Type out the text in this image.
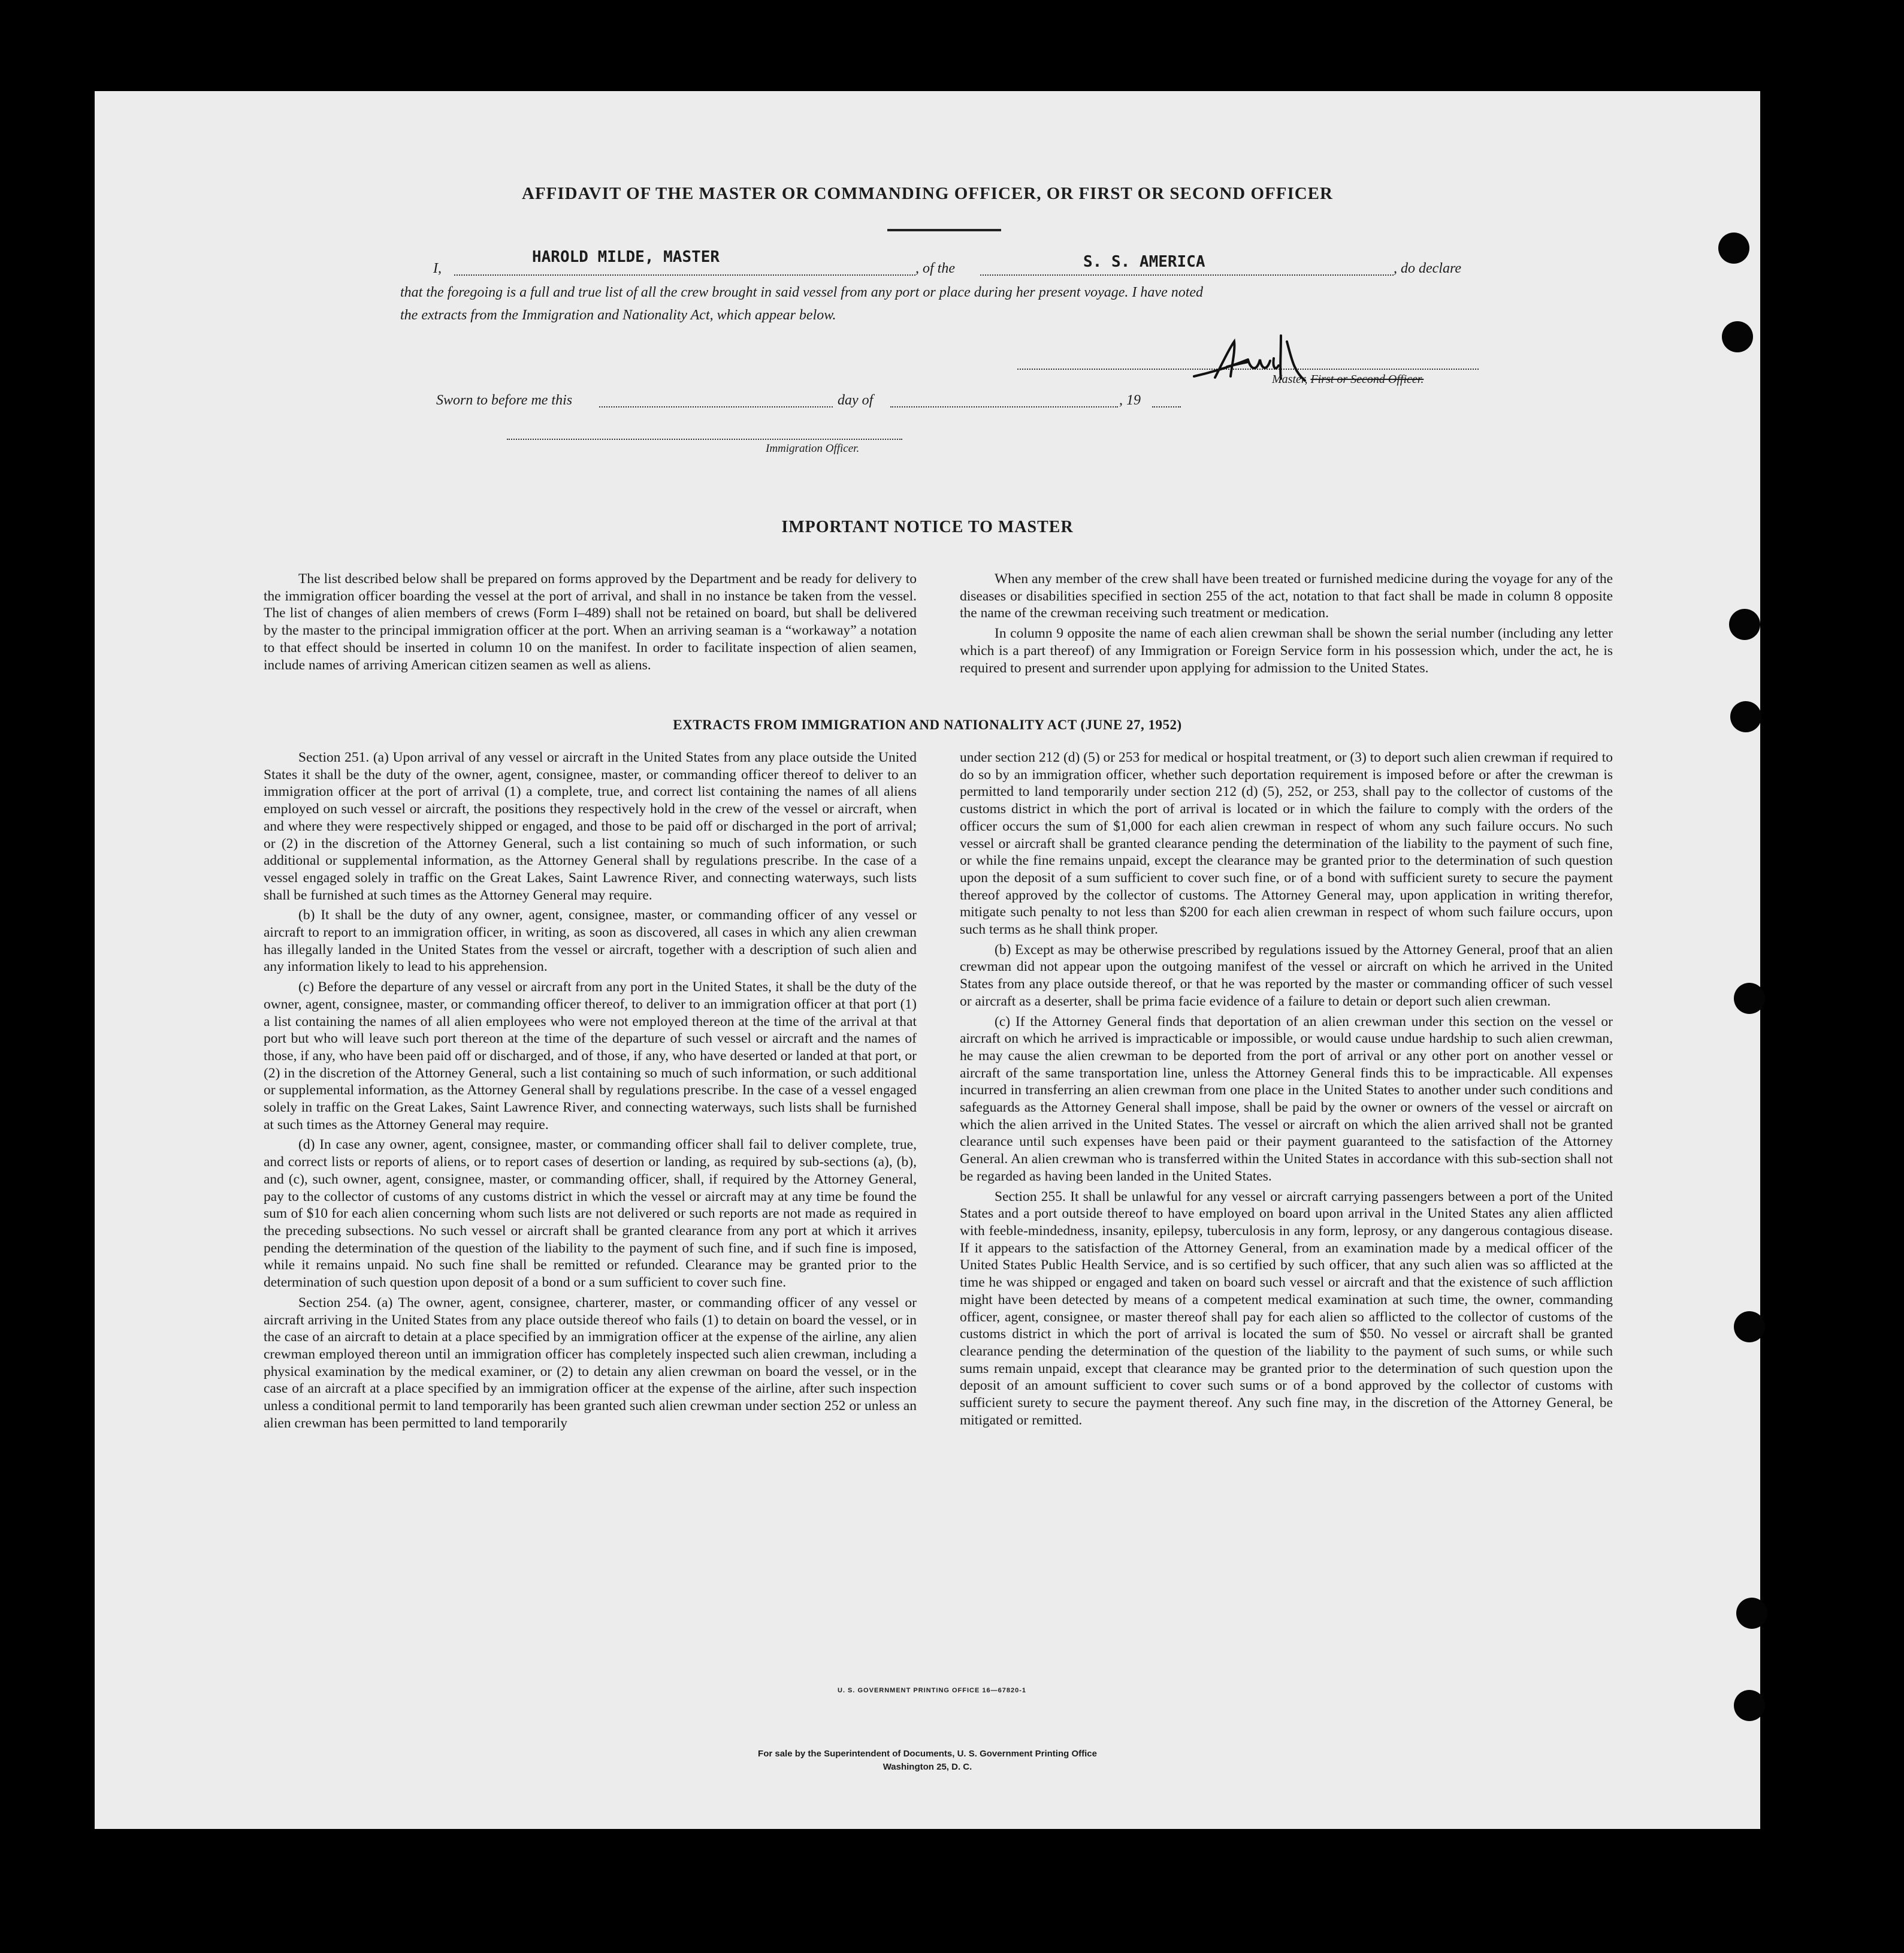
AFFIDAVIT OF THE MASTER OR COMMANDING OFFICER, OR FIRST OR SECOND OFFICER
I,
HAROLD MILDE, MASTER
, of the	S. S. AMERICA	, do declare
that the foregoing is a full and true list of all the crew brought in said vessel from any port or place during her present voyage. I have noted
the extracts from the Immigration and Nationality Act, which appear below.
Master, First or Second Officer.
Sworn to before me this	day of	, 19
Immigration Officer.
IMPORTANT NOTICE TO MASTER

The list described below shall be prepared on forms approved by the Department and be ready for delivery to the immigration officer boarding the vessel at the port of arrival, and shall in no instance be taken from the vessel. The list of changes of alien members of crews (Form I–489) shall not be retained on board, but shall be delivered by the master to the principal immigration officer at the port. When an arriving seaman is a “workaway” a notation to that effect should be inserted in column 10 on the manifest. In order to facilitate inspection of alien seamen, include names of arriving American citizen seamen as well as aliens.

When any member of the crew shall have been treated or furnished medicine during the voyage for any of the diseases or disabilities specified in section 255 of the act, notation to that fact shall be made in column 8 opposite the name of the crewman receiving such treatment or medication.

In column 9 opposite the name of each alien crewman shall be shown the serial number (including any letter which is a part thereof) of any Immigration or Foreign Service form in his possession which, under the act, he is required to present and surrender upon applying for admission to the United States.

EXTRACTS FROM IMMIGRATION AND NATIONALITY ACT (JUNE 27, 1952)

Section 251. (a) Upon arrival of any vessel or aircraft in the United States from any place outside the United States it shall be the duty of the owner, agent, consignee, master, or commanding officer thereof to deliver to an immigration officer at the port of arrival (1) a complete, true, and correct list containing the names of all aliens employed on such vessel or aircraft, the positions they respectively hold in the crew of the vessel or aircraft, when and where they were respectively shipped or engaged, and those to be paid off or discharged in the port of arrival; or (2) in the discretion of the Attorney General, such a list containing so much of such information, or such additional or supplemental information, as the Attorney General shall by regulations prescribe. In the case of a vessel engaged solely in traffic on the Great Lakes, Saint Lawrence River, and connecting waterways, such lists shall be furnished at such times as the Attorney General may require.

(b) It shall be the duty of any owner, agent, consignee, master, or commanding officer of any vessel or aircraft to report to an immigration officer, in writing, as soon as discovered, all cases in which any alien crewman has illegally landed in the United States from the vessel or aircraft, together with a description of such alien and any information likely to lead to his apprehension.

(c) Before the departure of any vessel or aircraft from any port in the United States, it shall be the duty of the owner, agent, consignee, master, or commanding officer thereof, to deliver to an immigration officer at that port (1) a list containing the names of all alien employees who were not employed thereon at the time of the arrival at that port but who will leave such port thereon at the time of the departure of such vessel or aircraft and the names of those, if any, who have been paid off or discharged, and of those, if any, who have deserted or landed at that port, or (2) in the discretion of the Attorney General, such a list containing so much of such information, or such additional or supplemental information, as the Attorney General shall by regulations prescribe. In the case of a vessel engaged solely in traffic on the Great Lakes, Saint Lawrence River, and connecting waterways, such lists shall be furnished at such times as the Attorney General may require.

(d) In case any owner, agent, consignee, master, or commanding officer shall fail to deliver complete, true, and correct lists or reports of aliens, or to report cases of desertion or landing, as required by sub-sections (a), (b), and (c), such owner, agent, consignee, master, or commanding officer, shall, if required by the Attorney General, pay to the collector of customs of any customs district in which the vessel or aircraft may at any time be found the sum of $10 for each alien concerning whom such lists are not delivered or such reports are not made as required in the preceding subsections. No such vessel or aircraft shall be granted clearance from any port at which it arrives pending the determination of the question of the liability to the payment of such fine, and if such fine is imposed, while it remains unpaid. No such fine shall be remitted or refunded. Clearance may be granted prior to the determination of such question upon deposit of a bond or a sum sufficient to cover such fine.

Section 254. (a) The owner, agent, consignee, charterer, master, or commanding officer of any vessel or aircraft arriving in the United States from any place outside thereof who fails (1) to detain on board the vessel, or in the case of an aircraft to detain at a place specified by an immigration officer at the expense of the airline, any alien crewman employed thereon until an immigration officer has completely inspected such alien crewman, including a physical examination by the medical examiner, or (2) to detain any alien crewman on board the vessel, or in the case of an aircraft at a place specified by an immigration officer at the expense of the airline, after such inspection unless a conditional permit to land temporarily has been granted such alien crewman under section 252 or unless an alien crewman has been permitted to land temporarily

under section 212 (d) (5) or 253 for medical or hospital treatment, or (3) to deport such alien crewman if required to do so by an immigration officer, whether such deportation requirement is imposed before or after the crewman is permitted to land temporarily under section 212 (d) (5), 252, or 253, shall pay to the collector of customs of the customs district in which the port of arrival is located or in which the failure to comply with the orders of the officer occurs the sum of $1,000 for each alien crewman in respect of whom any such failure occurs. No such vessel or aircraft shall be granted clearance pending the determination of the liability to the payment of such fine, or while the fine remains unpaid, except the clearance may be granted prior to the determination of such question upon the deposit of a sum sufficient to cover such fine, or of a bond with sufficient surety to secure the payment thereof approved by the collector of customs. The Attorney General may, upon application in writing therefor, mitigate such penalty to not less than $200 for each alien crewman in respect of whom such failure occurs, upon such terms as he shall think proper.

(b) Except as may be otherwise prescribed by regulations issued by the Attorney General, proof that an alien crewman did not appear upon the outgoing manifest of the vessel or aircraft on which he arrived in the United States from any place outside thereof, or that he was reported by the master or commanding officer of such vessel or aircraft as a deserter, shall be prima facie evidence of a failure to detain or deport such alien crewman.

(c) If the Attorney General finds that deportation of an alien crewman under this section on the vessel or aircraft on which he arrived is impracticable or impossible, or would cause undue hardship to such alien crewman, he may cause the alien crewman to be deported from the port of arrival or any other port on another vessel or aircraft of the same transportation line, unless the Attorney General finds this to be impracticable. All expenses incurred in transferring an alien crewman from one place in the United States to another under such conditions and safeguards as the Attorney General shall impose, shall be paid by the owner or owners of the vessel or aircraft on which the alien arrived in the United States. The vessel or aircraft on which the alien arrived shall not be granted clearance until such expenses have been paid or their payment guaranteed to the satisfaction of the Attorney General. An alien crewman who is transferred within the United States in accordance with this sub-section shall not be regarded as having been landed in the United States.

Section 255. It shall be unlawful for any vessel or aircraft carrying passengers between a port of the United States and a port outside thereof to have employed on board upon arrival in the United States any alien afflicted with feeble-mindedness, insanity, epilepsy, tuberculosis in any form, leprosy, or any dangerous contagious disease. If it appears to the satisfaction of the Attorney General, from an examination made by a medical officer of the United States Public Health Service, and is so certified by such officer, that any such alien was so afflicted at the time he was shipped or engaged and taken on board such vessel or aircraft and that the existence of such affliction might have been detected by means of a competent medical examination at such time, the owner, commanding officer, agent, consignee, or master thereof shall pay for each alien so afflicted to the collector of customs of the customs district in which the port of arrival is located the sum of $50. No vessel or aircraft shall be granted clearance pending the determination of the question of the liability to the payment of such sums, or while such sums remain unpaid, except that clearance may be granted prior to the determination of such question upon the deposit of an amount sufficient to cover such sums or of a bond approved by the collector of customs with sufficient surety to secure the payment thereof. Any such fine may, in the discretion of the Attorney General, be mitigated or remitted.

U. S. GOVERNMENT PRINTING OFFICE 16—67820-1
For sale by the Superintendent of Documents, U. S. Government Printing Office
Washington 25, D. C.
